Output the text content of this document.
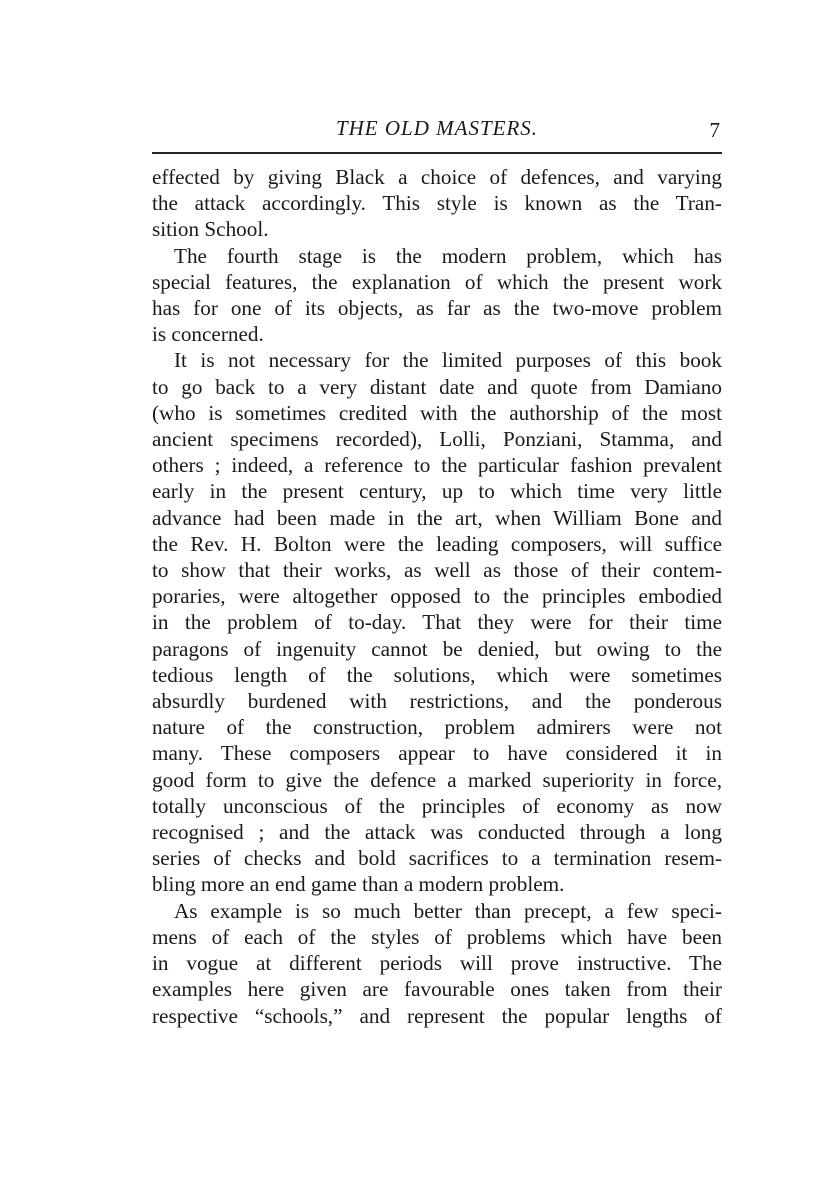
THE OLD MASTERS.	7
effected by giving Black a choice of defences, and varying
the attack accordingly. This style is known as the Tran-
sition School.
The fourth stage is the modern problem, which has
special features, the explanation of which the present work
has for one of its objects, as far as the two-move problem
is concerned.
It is not necessary for the limited purposes of this book
to go back to a very distant date and quote from Damiano
(who is sometimes credited with the authorship of the most
ancient specimens recorded), Lolli, Ponziani, Stamma, and
others ; indeed, a reference to the particular fashion prevalent
early in the present century, up to which time very little
advance had been made in the art, when William Bone and
the Rev. H. Bolton were the leading composers, will suffice
to show that their works, as well as those of their contem-
poraries, were altogether opposed to the principles embodied
in the problem of to-day. That they were for their time
paragons of ingenuity cannot be denied, but owing to the
tedious length of the solutions, which were sometimes
absurdly burdened with restrictions, and the ponderous
nature of the construction, problem admirers were not
many. These composers appear to have considered it in
good form to give the defence a marked superiority in force,
totally unconscious of the principles of economy as now
recognised ; and the attack was conducted through a long
series of checks and bold sacrifices to a termination resem-
bling more an end game than a modern problem.
As example is so much better than precept, a few speci-
mens of each of the styles of problems which have been
in vogue at different periods will prove instructive. The
examples here given are favourable ones taken from their
respective “schools,” and represent the popular lengths of
